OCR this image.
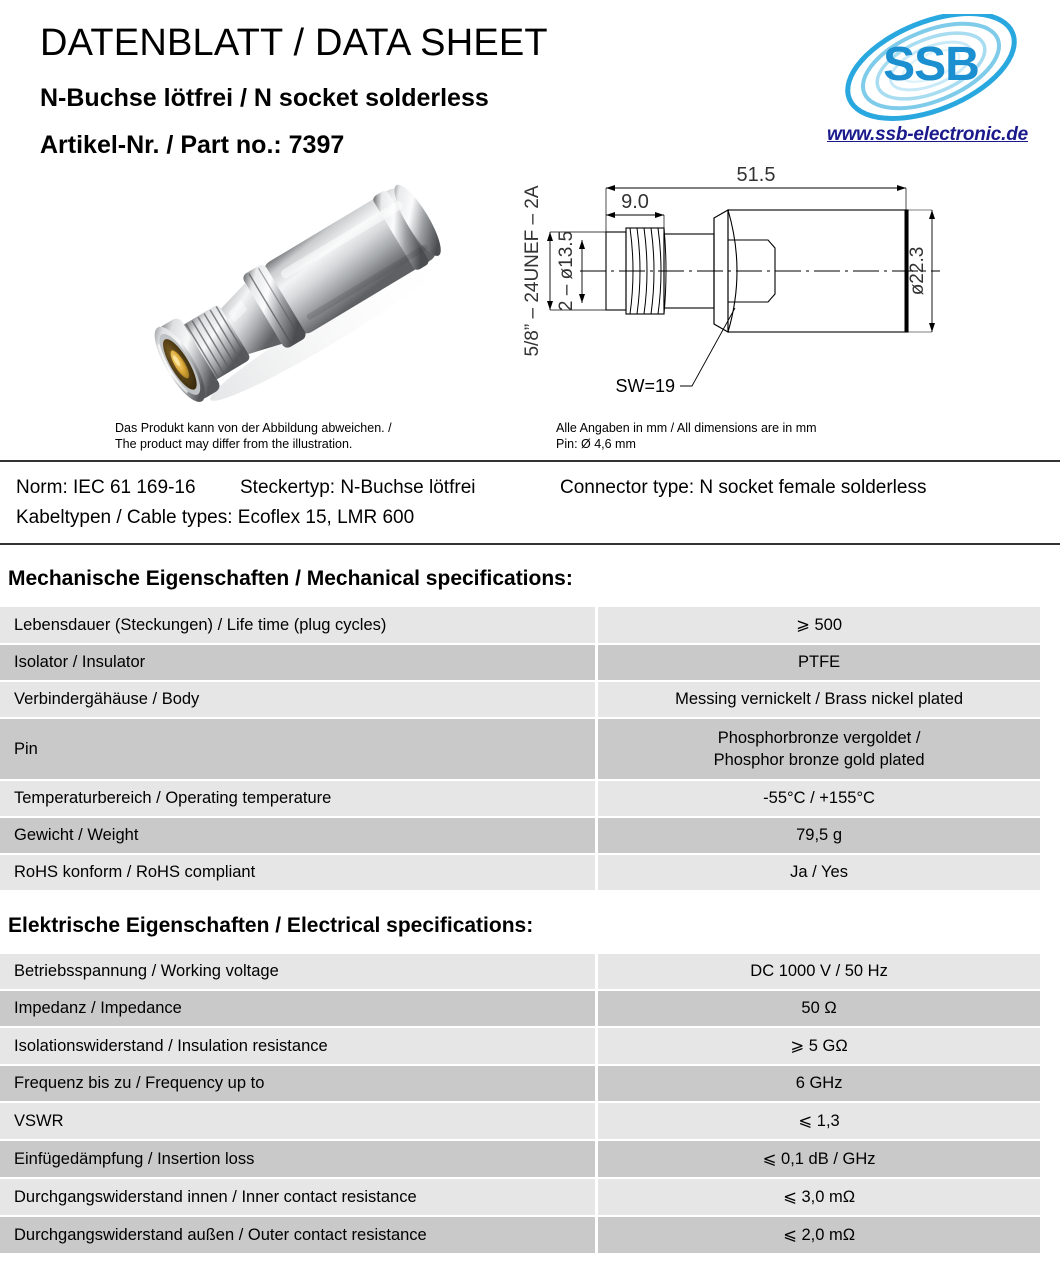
DATENBLATT / DATA SHEET
N-Buchse lötfrei / N socket solderless
Artikel-Nr. / Part no.: 7397
SSB
www.ssb-electronic.de
Das Produkt kann von der Abbildung abweichen. /
The product may differ from the illustration.
51.5
9.0
5/8” – 24UNEF – 2A 2 – ø13.5	ø22.3
SW=19
Alle Angaben in mm / All dimensions are in mm
Pin: Ø 4,6 mm
Norm: IEC 61 169-16 Steckertyp: N-Buchse lötfrei	Connector type: N socket female solderless
Kabeltypen / Cable types: Ecoflex 15, LMR 600
Mechanische Eigenschaften / Mechanical specifications:
Lebensdauer (Steckungen) / Life time (plug cycles)	⩾ 500
Isolator / Insulator	PTFE
Verbindergähäuse / Body	Messing vernickelt / Brass nickel plated
Pin	Phosphorbronze vergoldet /
Phosphor bronze gold plated

Temperaturbereich / Operating temperature	-55°C / +155°C
Gewicht / Weight	79,5 g
RoHS konform / RoHS compliant	Ja / Yes
Elektrische Eigenschaften / Electrical specifications:
Betriebsspannung / Working voltage	DC 1000 V / 50 Hz
Impedanz / Impedance	50 Ω
Isolationswiderstand / Insulation resistance	⩾ 5 GΩ
Frequenz bis zu / Frequency up to	6 GHz
VSWR	⩽ 1,3
Einfügedämpfung / Insertion loss	⩽ 0,1 dB / GHz
Durchgangswiderstand innen / Inner contact resistance	⩽ 3,0 mΩ
Durchgangswiderstand außen / Outer contact resistance	⩽ 2,0 mΩ
